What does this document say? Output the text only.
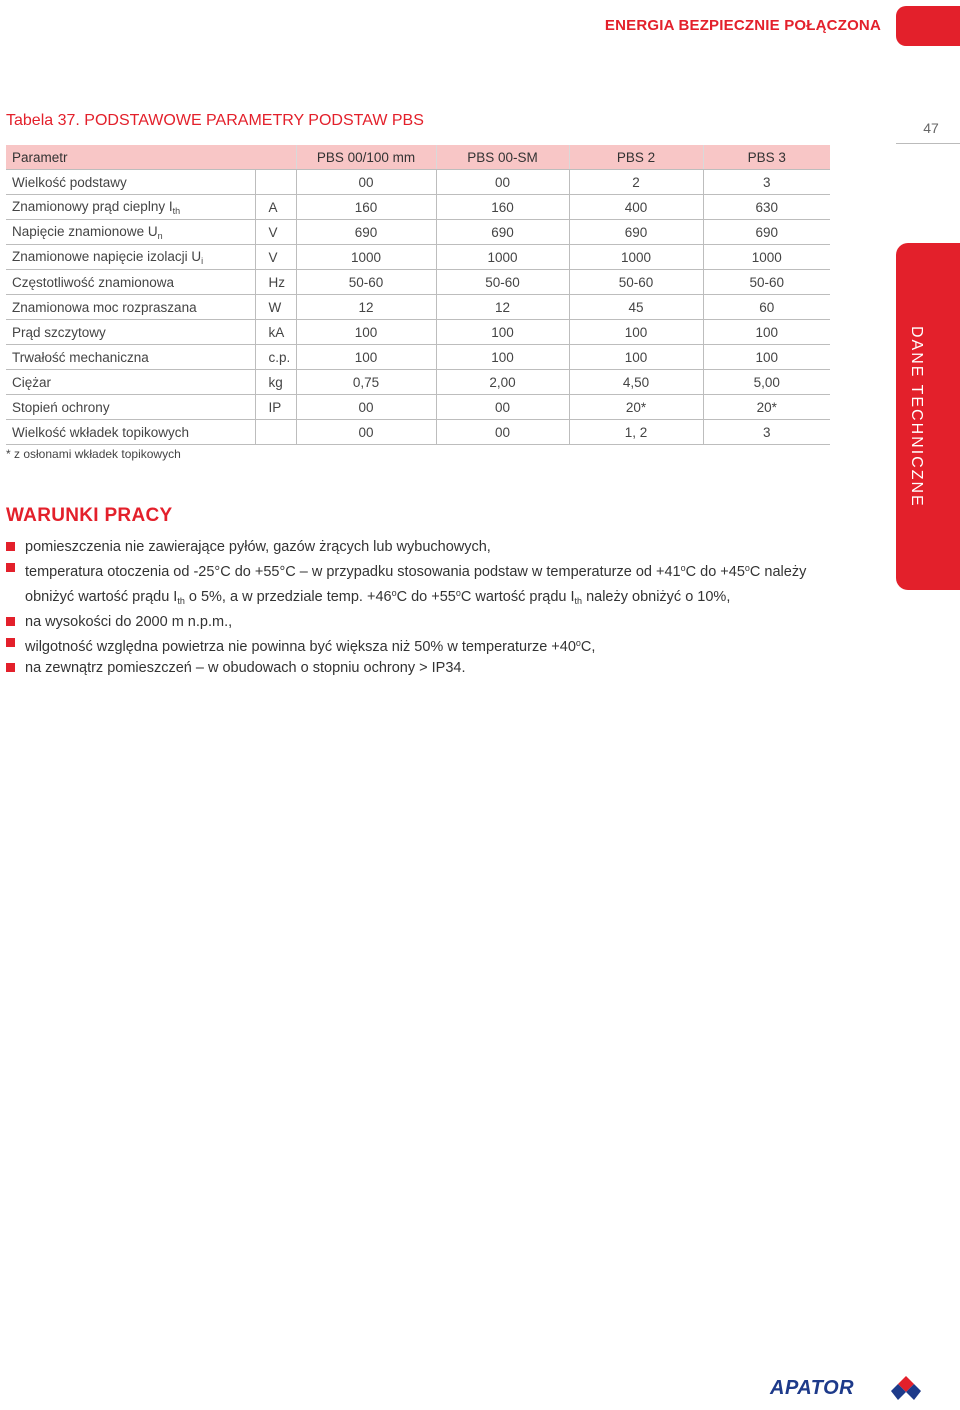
ENERGIA BEZPIECZNIE POŁĄCZONA
Tabela 37. PODSTAWOWE PARAMETRY PODSTAW PBS	47
Parametr		PBS 00/100 mm	PBS 00-SM	PBS 2	PBS 3
Wielkość podstawy		00	00	2	3
Znamionowy prąd cieplny $I_{th}$	A	160	160	400	630
Napięcie znamionowe $U_n$	V	690	690	690	690
Znamionowe napięcie izolacji $U_i$	V	1000	1000	1000	1000
Częstotliwość znamionowa	Hz	50-60	50-60	50-60	50-60
Znamionowa moc rozpraszana	W	12	12	45	60
Prąd szczytowy	kA	100	100	100	100
Trwałość mechaniczna	c.p.	100	100	100	100
Ciężar	kg	0,75	2,00	4,50	5,00
Stopień ochrony	IP	00	00	20*	20*
Wielkość wkładek topikowych		00	00	1, 2	3
* z osłonami wkładek topikowych
WARUNKI PRACY
pomieszczenia nie zawierające pyłów, gazów żrących lub wybuchowych,
temperatura otoczenia od -25°C do +55°C – w przypadku stosowania podstaw w temperaturze od $+41^oC$ do $+45^oC$ należy obniżyć wartość prądu $I_{th}$ o 5%, a w przedziale temp. $+46^oC$ do $+55^oC$ wartość prądu $I_{th}$ należy obniżyć o 10%,
na wysokości do 2000 m n.p.m.,
wilgotność względna powietrza nie powinna być większa niż 50% w temperaturze $+40^oC$,
na zewnątrz pomieszczeń – w obudowach o stopniu ochrony > IP34.
DANE TECHNICZNE
APATOR
